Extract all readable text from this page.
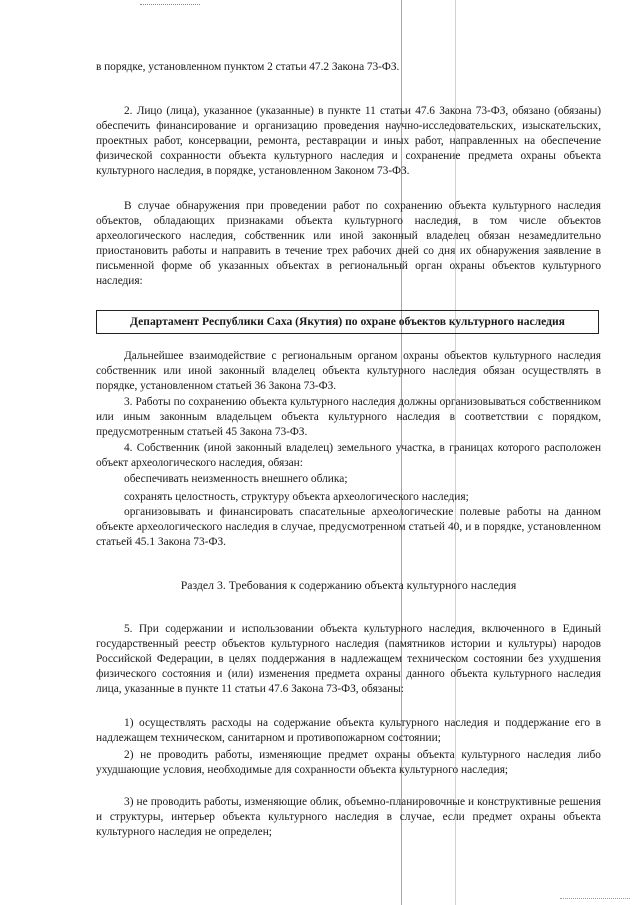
в порядке, установленном пунктом 2 статьи 47.2 Закона 73-ФЗ.

2. Лицо (лица), указанное (указанные) в пункте 11 статьи 47.6 Закона 73-ФЗ, обязано (обязаны) обеспечить финансирование и организацию проведения научно-исследовательских, изыскательских, проектных работ, консервации, ремонта, реставрации и иных работ, направленных на обеспечение физической сохранности объекта культурного наследия и сохранение предмета охраны объекта культурного наследия, в порядке, установленном Законом 73-ФЗ.

В случае обнаружения при проведении работ по сохранению объекта культурного наследия объектов, обладающих признаками объекта культурного наследия, в том числе объектов археологического наследия, собственник или иной законный владелец обязан незамедлительно приостановить работы и направить в течение трех рабочих дней со дня их обнаружения заявление в письменной форме об указанных объектах в региональный орган охраны объектов культурного наследия:

Департамент Республики Саха (Якутия) по охране объектов культурного наследия

Дальнейшее взаимодействие с региональным органом охраны объектов культурного наследия собственник или иной законный владелец объекта культурного наследия обязан осуществлять в порядке, установленном статьей 36 Закона 73-ФЗ.

3. Работы по сохранению объекта культурного наследия должны организовываться собственником или иным законным владельцем объекта культурного наследия в соответствии с порядком, предусмотренным статьей 45 Закона 73-ФЗ.

4. Собственник (иной законный владелец) земельного участка, в границах которого расположен объект археологического наследия, обязан:

обеспечивать неизменность внешнего облика;

сохранять целостность, структуру объекта археологического наследия;

организовывать и финансировать спасательные археологические полевые работы на данном объекте археологического наследия в случае, предусмотренном статьей 40, и в порядке, установленном статьей 45.1 Закона 73-ФЗ.

Раздел 3. Требования к содержанию объекта культурного наследия

5. При содержании и использовании объекта культурного наследия, включенного в Единый государственный реестр объектов культурного наследия (памятников истории и культуры) народов Российской Федерации, в целях поддержания в надлежащем техническом состоянии без ухудшения физического состояния и (или) изменения предмета охраны данного объекта культурного наследия лица, указанные в пункте 11 статьи 47.6 Закона 73-ФЗ, обязаны:

1) осуществлять расходы на содержание объекта культурного наследия и поддержание его в надлежащем техническом, санитарном и противопожарном состоянии;

2) не проводить работы, изменяющие предмет охраны объекта культурного наследия либо ухудшающие условия, необходимые для сохранности объекта культурного наследия;

3) не проводить работы, изменяющие облик, объемно-планировочные и конструктивные решения и структуры, интерьер объекта культурного наследия в случае, если предмет охраны объекта культурного наследия не определен;
